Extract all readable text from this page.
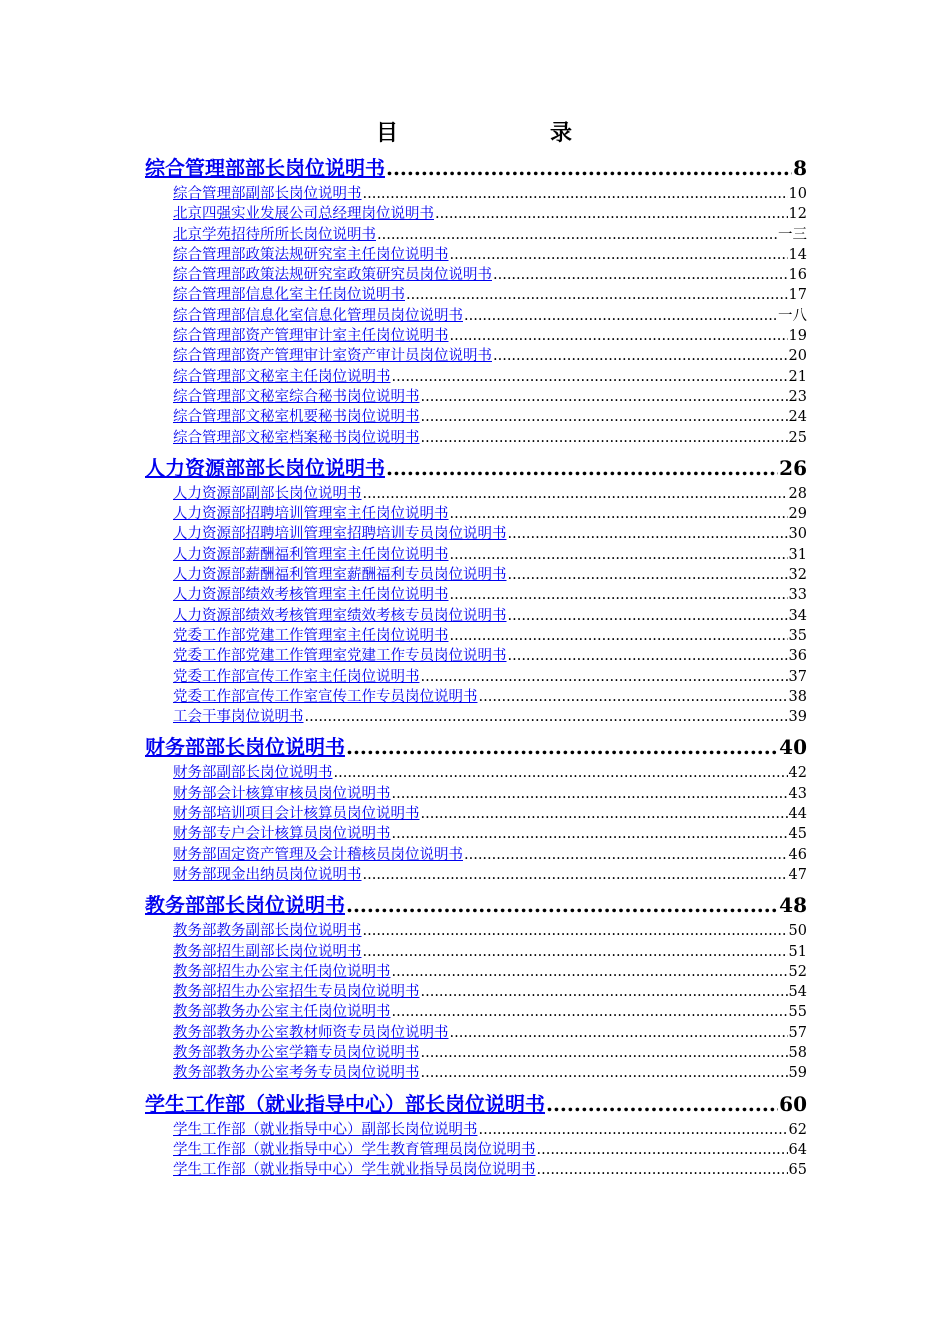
目	录
综合管理部部长岗位说明书 .....	8
综合管理部副部长岗位说明书 .....	10
北京四强实业发展公司总经理岗位说明书 .....	12
北京学苑招待所所长岗位说明书 .....	一三
综合管理部政策法规研究室主任岗位说明书 .....	14
综合管理部政策法规研究室政策研究员岗位说明书 .....	16
综合管理部信息化室主任岗位说明书 .....	17
综合管理部信息化室信息化管理员岗位说明书 .....	一八
综合管理部资产管理审计室主任岗位说明书 .....	19
综合管理部资产管理审计室资产审计员岗位说明书 .....	20
综合管理部文秘室主任岗位说明书 .....	21
综合管理部文秘室综合秘书岗位说明书 .....	23
综合管理部文秘室机要秘书岗位说明书 .....	24
综合管理部文秘室档案秘书岗位说明书 .....	25
人力资源部部长岗位说明书 .....	26
人力资源部副部长岗位说明书 .....	28
人力资源部招聘培训管理室主任岗位说明书 .....	29
人力资源部招聘培训管理室招聘培训专员岗位说明书 .....	30
人力资源部薪酬福利管理室主任岗位说明书 .....	31
人力资源部薪酬福利管理室薪酬福利专员岗位说明书 .....	32
人力资源部绩效考核管理室主任岗位说明书 .....	33
人力资源部绩效考核管理室绩效考核专员岗位说明书 .....	34
党委工作部党建工作管理室主任岗位说明书 .....	35
党委工作部党建工作管理室党建工作专员岗位说明书 .....	36
党委工作部宣传工作室主任岗位说明书 .....	37
党委工作部宣传工作室宣传工作专员岗位说明书 .....	38
工会干事岗位说明书 .....	39
财务部部长岗位说明书 .....	40
财务部副部长岗位说明书 .....	42
财务部会计核算审核员岗位说明书 .....	43
财务部培训项目会计核算员岗位说明书 .....	44
财务部专户会计核算员岗位说明书 .....	45
财务部固定资产管理及会计稽核员岗位说明书 .....	46
财务部现金出纳员岗位说明书 .....	47
教务部部长岗位说明书 .....	48
教务部教务副部长岗位说明书 .....	50
教务部招生副部长岗位说明书 .....	51
教务部招生办公室主任岗位说明书 .....	52
教务部招生办公室招生专员岗位说明书 .....	54
教务部教务办公室主任岗位说明书 .....	55
教务部教务办公室教材师资专员岗位说明书 .....	57
教务部教务办公室学籍专员岗位说明书 .....	58
教务部教务办公室考务专员岗位说明书 .....	59
学生工作部（就业指导中心）部长岗位说明书 .....	60
学生工作部（就业指导中心）副部长岗位说明书 .....	62
学生工作部（就业指导中心）学生教育管理员岗位说明书 .....	64
学生工作部（就业指导中心）学生就业指导员岗位说明书 .....	65
